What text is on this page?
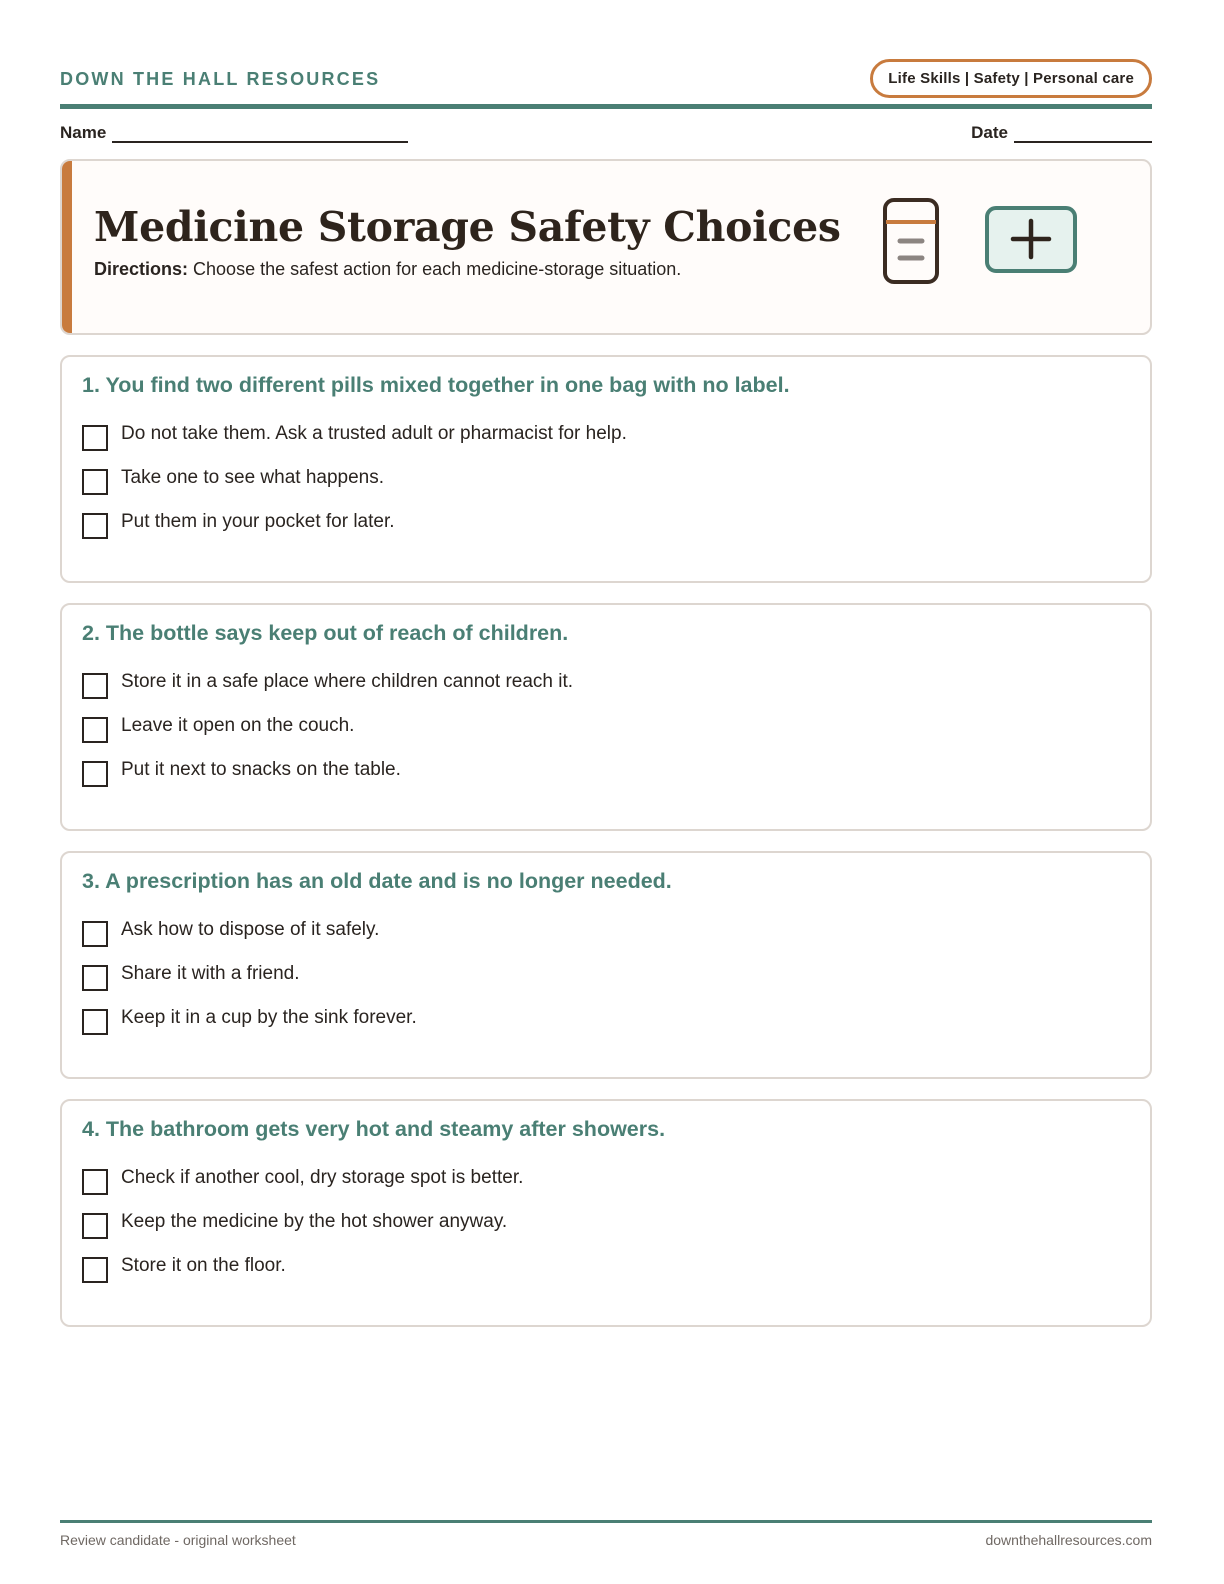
DOWN THE HALL RESOURCES	Life Skills | Safety | Personal care
Name	Date
Medicine Storage Safety Choices
Directions: Choose the safest action for each medicine-storage situation.
1. You find two different pills mixed together in one bag with no label.
Do not take them. Ask a trusted adult or pharmacist for help.
Take one to see what happens.
Put them in your pocket for later.
2. The bottle says keep out of reach of children.
Store it in a safe place where children cannot reach it.
Leave it open on the couch.
Put it next to snacks on the table.
3. A prescription has an old date and is no longer needed.
Ask how to dispose of it safely.
Share it with a friend.
Keep it in a cup by the sink forever.
4. The bathroom gets very hot and steamy after showers.
Check if another cool, dry storage spot is better.
Keep the medicine by the hot shower anyway.
Store it on the floor.
Review candidate - original worksheet	downthehallresources.com
